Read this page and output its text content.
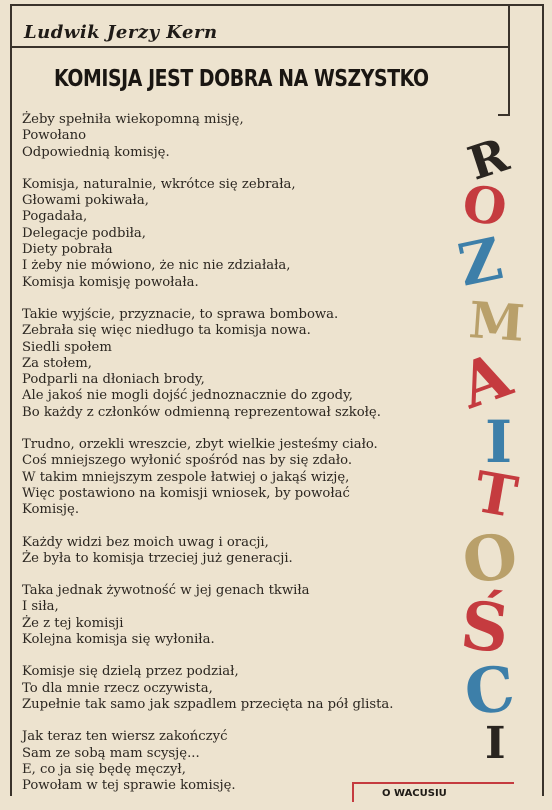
Ludwik Jerzy Kern
KOMISJA JEST DOBRA NA WSZYSTKO
Żeby spełniła wiekopomną misję,
Powołano
Odpowiednią komisję.
Komisja, naturalnie, wkrótce się zebrała,
Głowami pokiwała,
Pogadała,
Delegacje podbiła,
Diety pobrała
I żeby nie mówiono, że nic nie zdziałała,
Komisja komisję powołała.
Takie wyjście, przyznacie, to sprawa bombowa.
Zebrała się więc niedługo ta komisja nowa.
Siedli społem
Za stołem,
Podparli na dłoniach brody,
Ale jakoś nie mogli dojść jednoznacznie do zgody,
Bo każdy z członków odmienną reprezentował szkołę.
Trudno, orzekli wreszcie, zbyt wielkie jesteśmy ciało.
Coś mniejszego wyłonić spośród nas by się zdało.
W takim mniejszym zespole łatwiej o jakąś wizję,
Więc postawiono na komisji wniosek, by powołać
Komisję.
Każdy widzi bez moich uwag i oracji,
Że była to komisja trzeciej już generacji.
Taka jednak żywotność w jej genach tkwiła
I siła,
Że z tej komisji
Kolejna komisja się wyłoniła.
Komisje się dzielą przez podział,
To dla mnie rzecz oczywista,
Zupełnie tak samo jak szpadlem przecięta na pół glista.
Jak teraz ten wiersz zakończyć
Sam ze sobą mam scysję...
E, co ja się będę męczył,
Powołam w tej sprawie komisję.
R
O
Z
M
A
I
T
O
Ś
C
I
O WACUSIU
